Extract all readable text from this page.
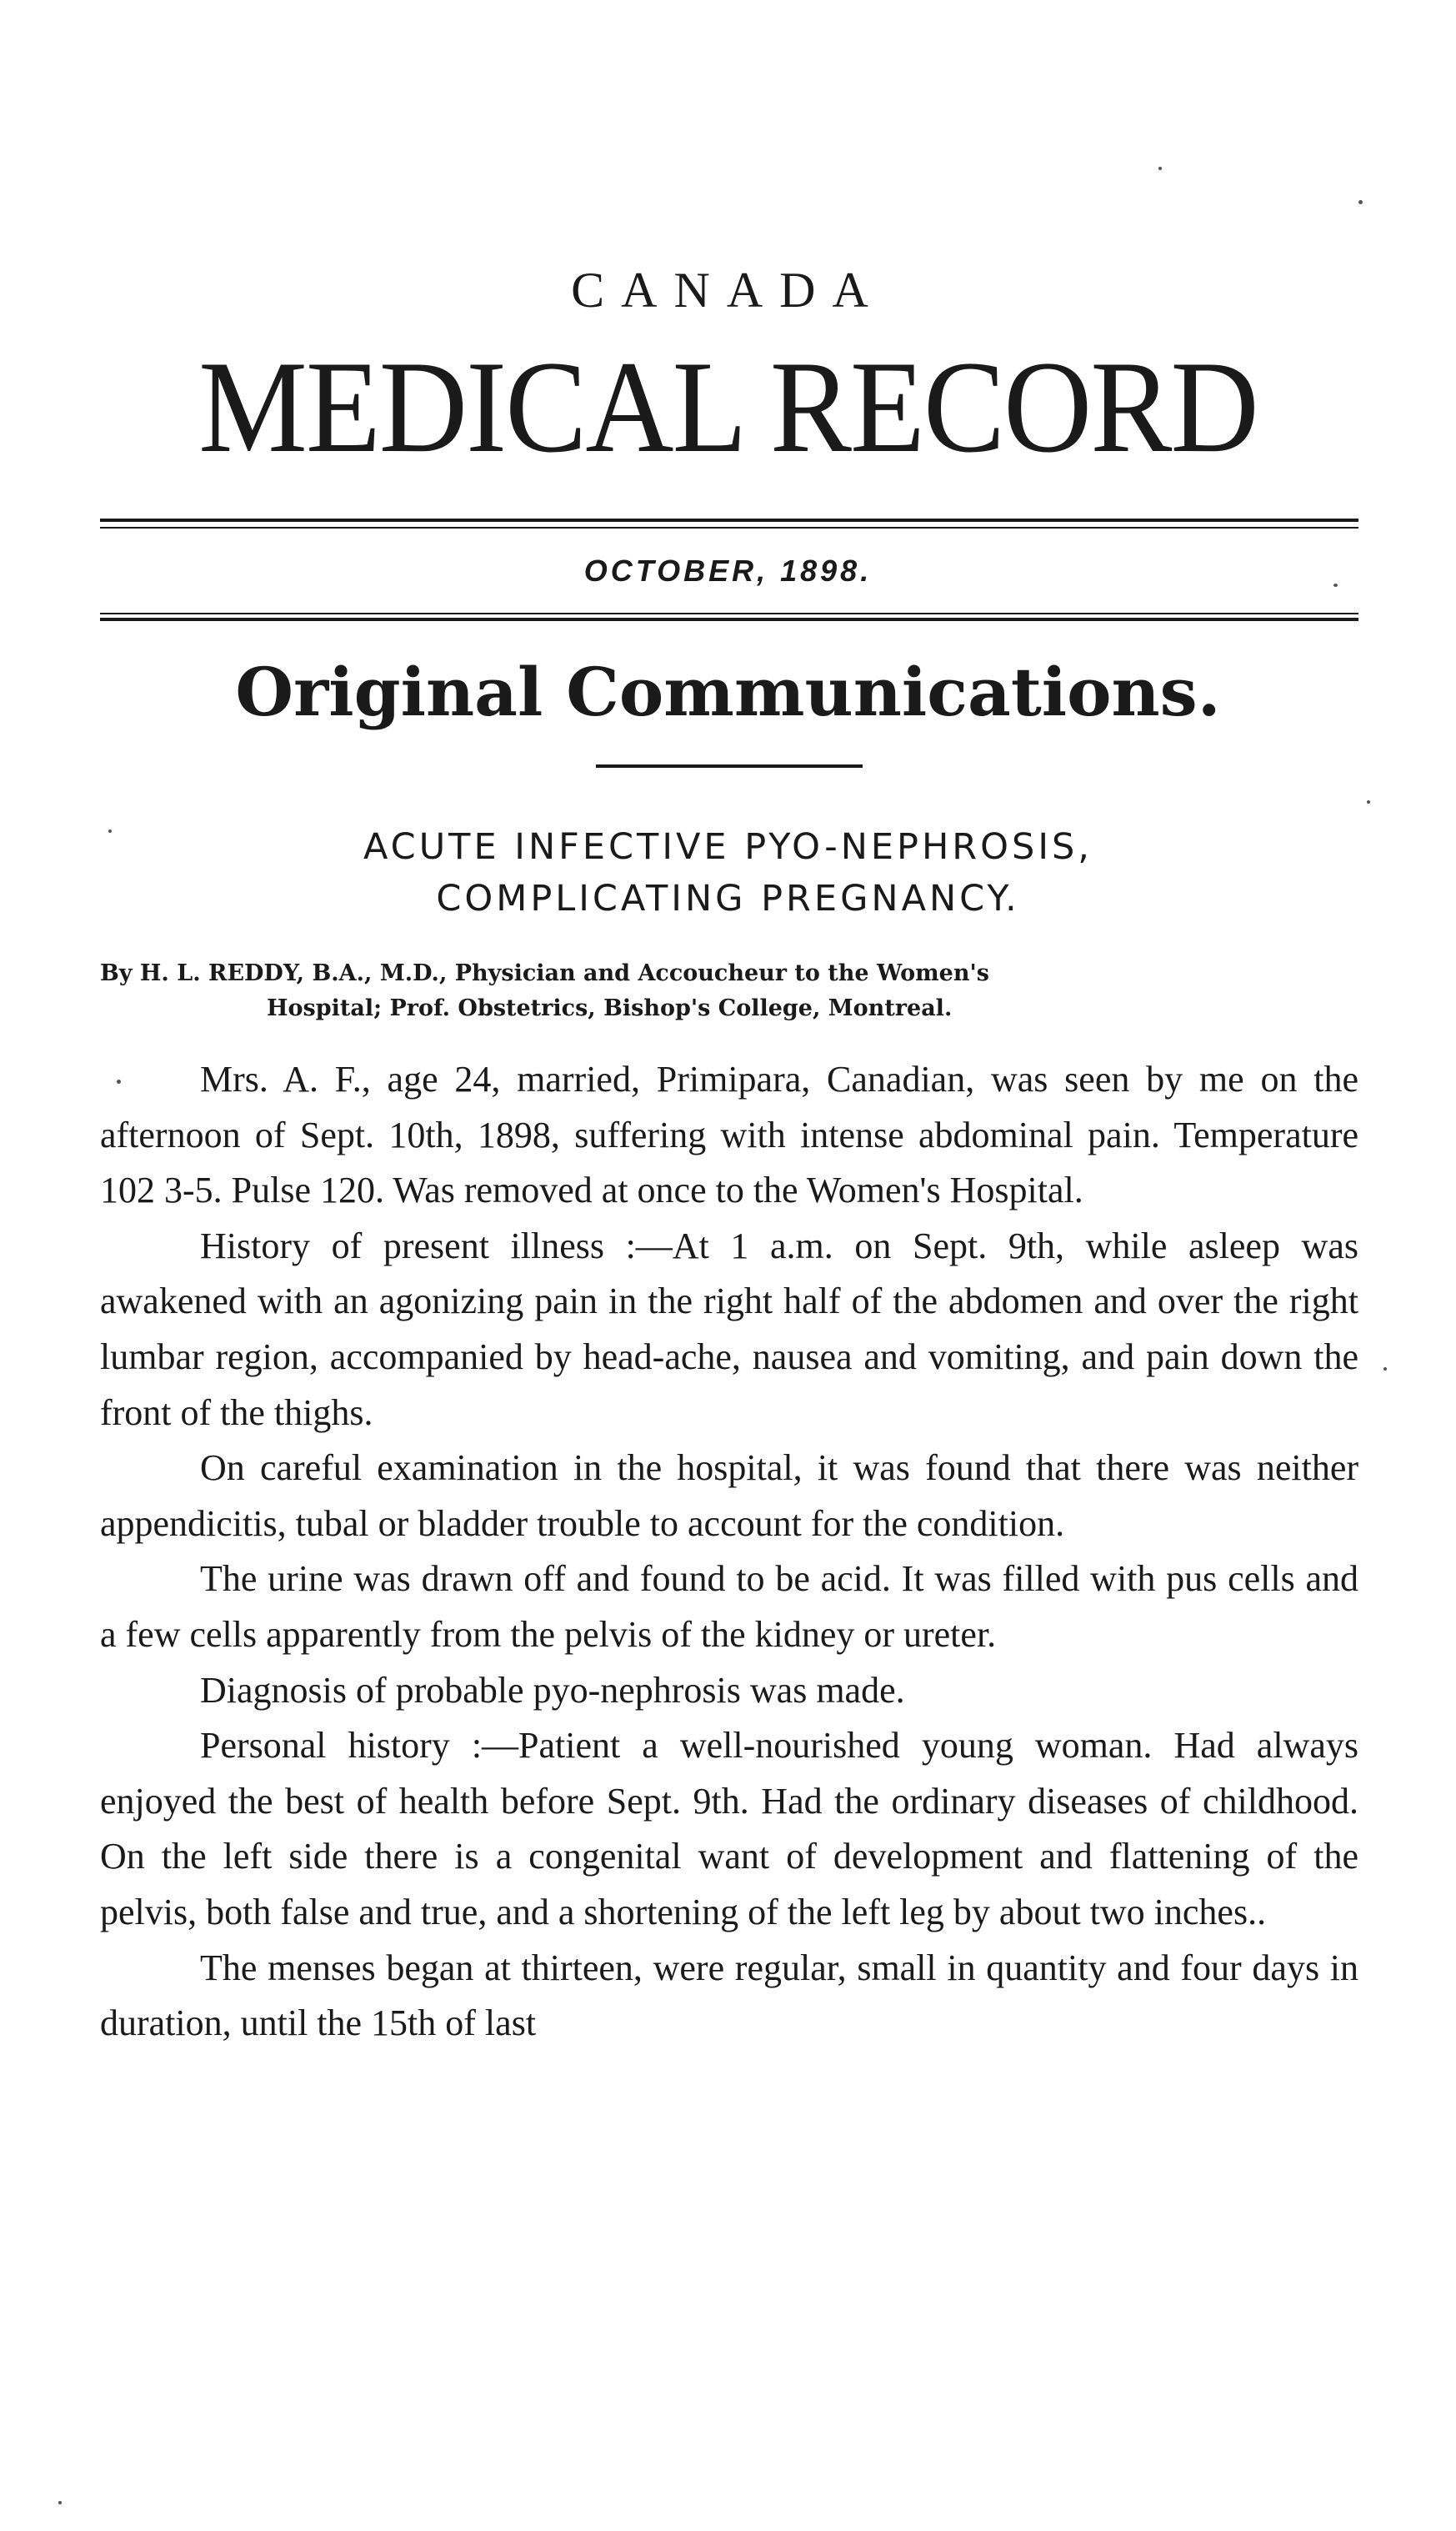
CANADA
MEDICAL RECORD
OCTOBER, 1898.
Original Communications.
ACUTE INFECTIVE PYO-NEPHROSIS,
COMPLICATING PREGNANCY.
By H. L. REDDY, B.A., M.D., Physician and Accoucheur to the Women's
Hospital; Prof. Obstetrics, Bishop's College, Montreal.

Mrs. A. F., age 24, married, Primipara, Canadian, was seen by me on the afternoon of Sept. 10th, 1898, suffering with intense abdominal pain. Temperature 102 3-5. Pulse 120. Was removed at once to the Women's Hospital.

History of present illness :—At 1 a.m. on Sept. 9th, while asleep was awakened with an agonizing pain in the right half of the abdomen and over the right lumbar region, accompanied by head-ache, nausea and vomiting, and pain down the front of the thighs.

On careful examination in the hospital, it was found that there was neither appendicitis, tubal or bladder trouble to account for the condition.

The urine was drawn off and found to be acid. It was filled with pus cells and a few cells apparently from the pelvis of the kidney or ureter.

Diagnosis of probable pyo-nephrosis was made.

Personal history :—Patient a well-nourished young woman. Had always enjoyed the best of health before Sept. 9th. Had the ordinary diseases of childhood. On the left side there is a congenital want of development and flattening of the pelvis, both false and true, and a shortening of the left leg by about two inches..

The menses began at thirteen, were regular, small in quantity and four days in duration, until the 15th of last
